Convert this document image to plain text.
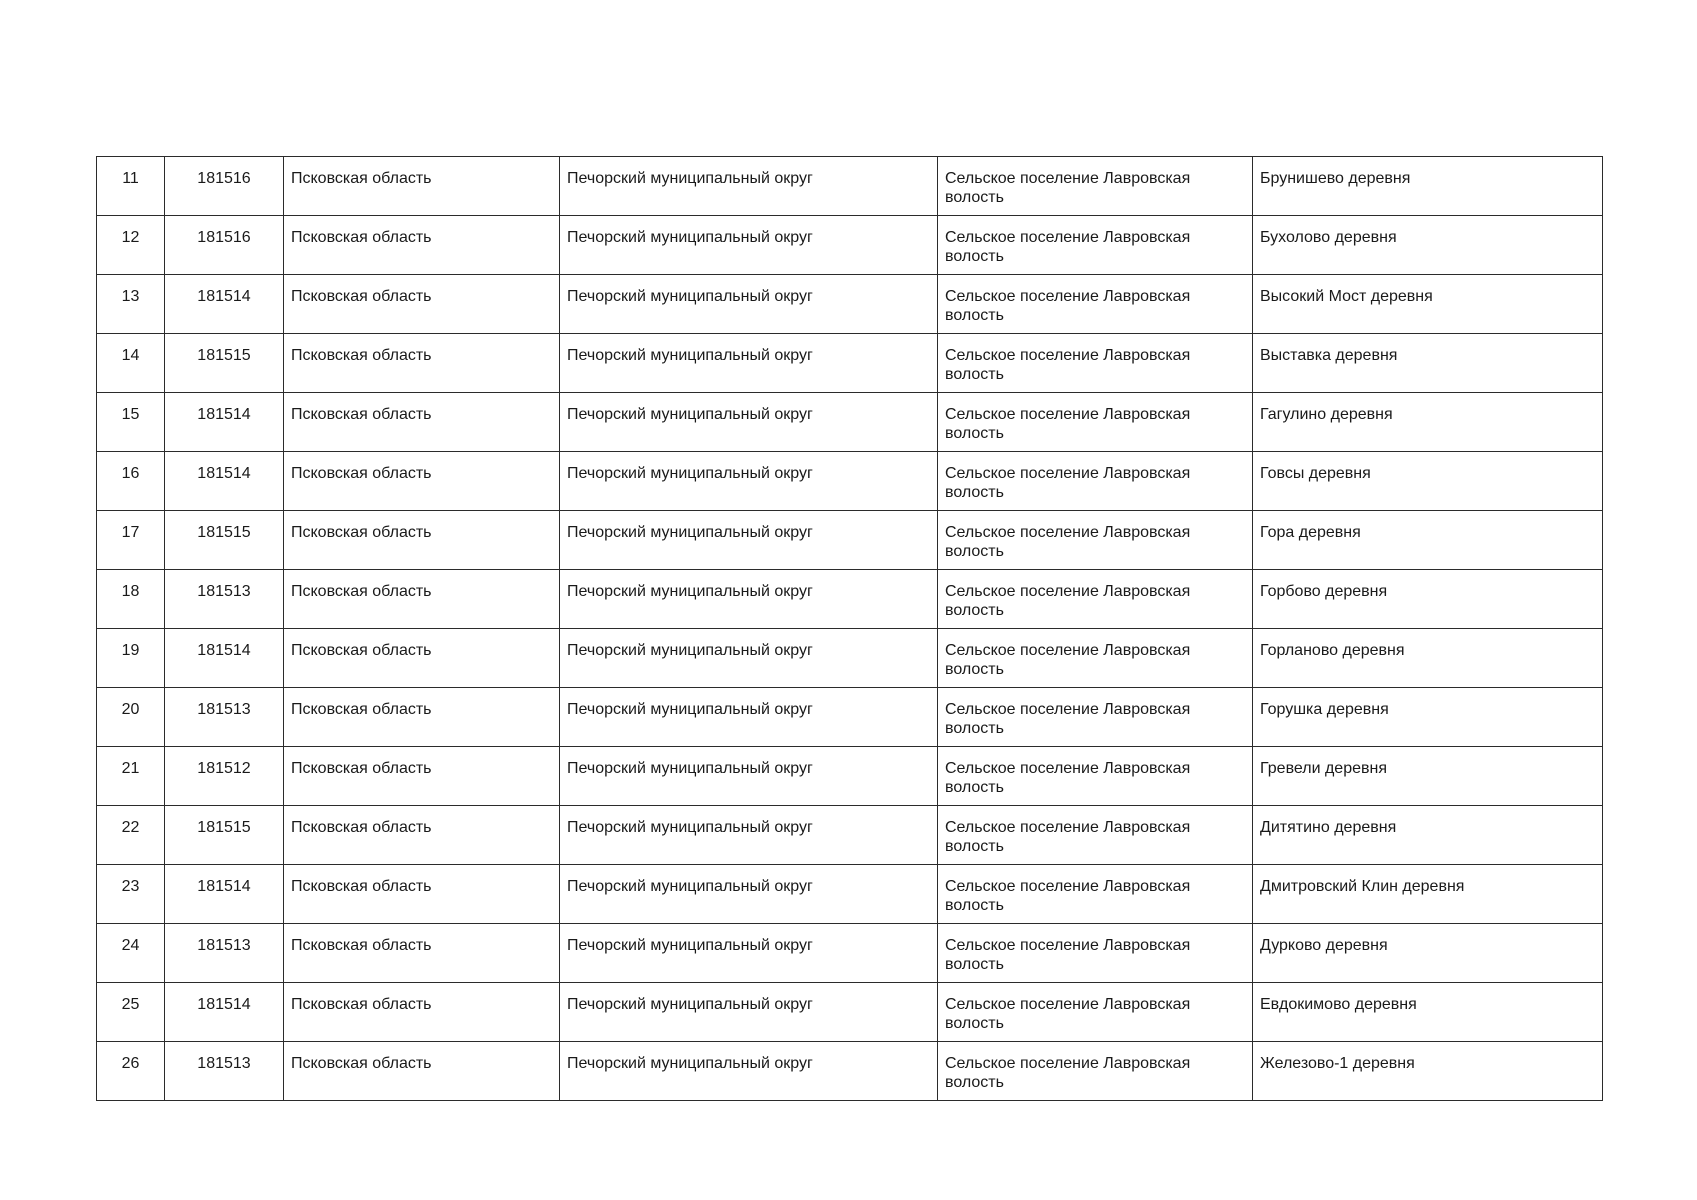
11	181516	Псковская область	Печорский муниципальный округ	Сельское поселение Лавровская волость	Брунишево деревня
12	181516	Псковская область	Печорский муниципальный округ	Сельское поселение Лавровская волость	Бухолово деревня
13	181514	Псковская область	Печорский муниципальный округ	Сельское поселение Лавровская волость	Высокий Мост деревня
14	181515	Псковская область	Печорский муниципальный округ	Сельское поселение Лавровская волость	Выставка деревня
15	181514	Псковская область	Печорский муниципальный округ	Сельское поселение Лавровская волость	Гагулино деревня
16	181514	Псковская область	Печорский муниципальный округ	Сельское поселение Лавровская волость	Говсы деревня
17	181515	Псковская область	Печорский муниципальный округ	Сельское поселение Лавровская волость	Гора деревня
18	181513	Псковская область	Печорский муниципальный округ	Сельское поселение Лавровская волость	Горбово деревня
19	181514	Псковская область	Печорский муниципальный округ	Сельское поселение Лавровская волость	Горланово деревня
20	181513	Псковская область	Печорский муниципальный округ	Сельское поселение Лавровская волость	Горушка деревня
21	181512	Псковская область	Печорский муниципальный округ	Сельское поселение Лавровская волость	Гревели деревня
22	181515	Псковская область	Печорский муниципальный округ	Сельское поселение Лавровская волость	Дитятино деревня
23	181514	Псковская область	Печорский муниципальный округ	Сельское поселение Лавровская волость	Дмитровский Клин деревня
24	181513	Псковская область	Печорский муниципальный округ	Сельское поселение Лавровская волость	Дурково деревня
25	181514	Псковская область	Печорский муниципальный округ	Сельское поселение Лавровская волость	Евдокимово деревня
26	181513	Псковская область	Печорский муниципальный округ	Сельское поселение Лавровская волость	Железово-1 деревня
